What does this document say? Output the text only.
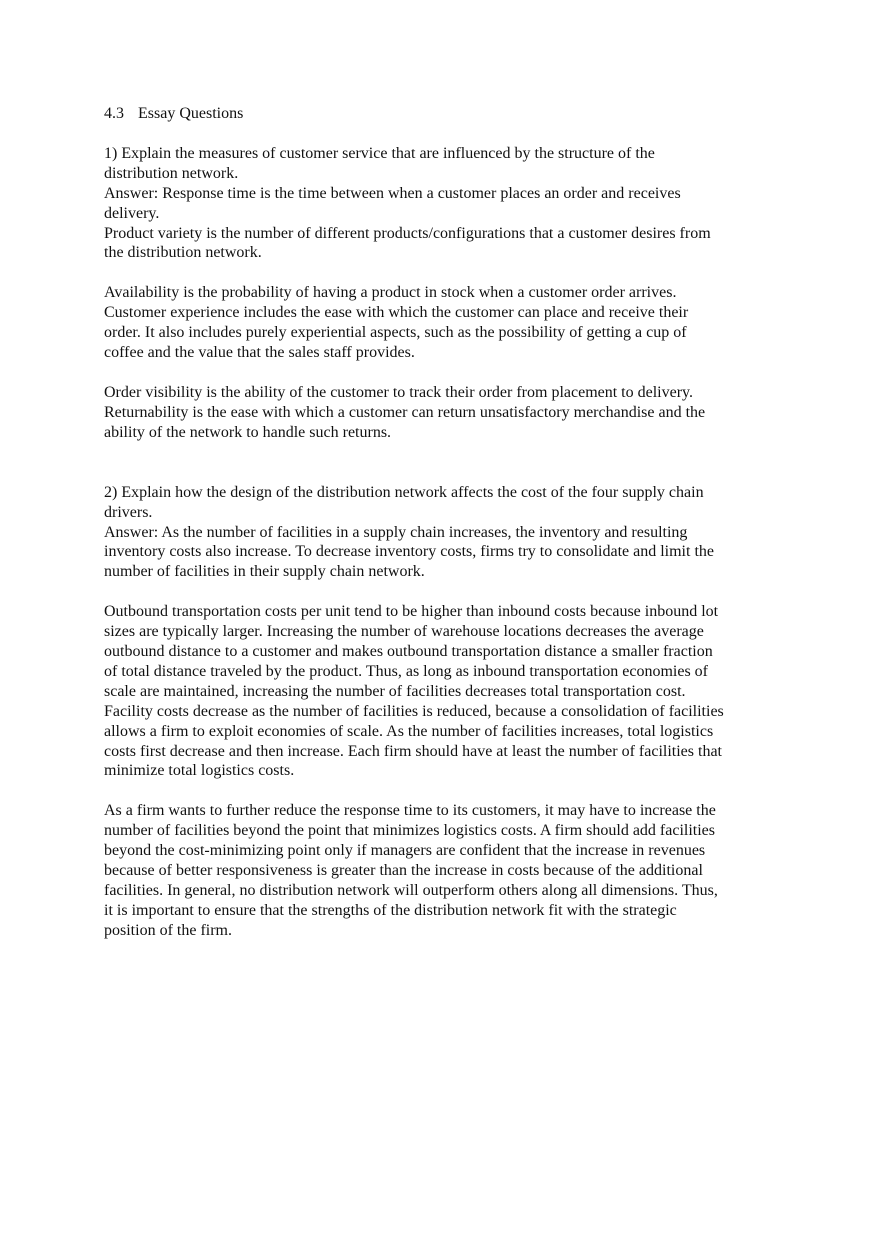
4.3 Essay Questions

1) Explain the measures of customer service that are influenced by the structure of the
distribution network.

Answer: Response time is the time between when a customer places an order and receives
delivery.
Product variety is the number of different products/configurations that a customer desires from
the distribution network.

Availability is the probability of having a product in stock when a customer order arrives.
Customer experience includes the ease with which the customer can place and receive their
order. It also includes purely experiential aspects, such as the possibility of getting a cup of
coffee and the value that the sales staff provides.

Order visibility is the ability of the customer to track their order from placement to delivery.
Returnability is the ease with which a customer can return unsatisfactory merchandise and the
ability of the network to handle such returns.

2) Explain how the design of the distribution network affects the cost of the four supply chain
drivers.

Answer: As the number of facilities in a supply chain increases, the inventory and resulting
inventory costs also increase. To decrease inventory costs, firms try to consolidate and limit the
number of facilities in their supply chain network.

Outbound transportation costs per unit tend to be higher than inbound costs because inbound lot
sizes are typically larger. Increasing the number of warehouse locations decreases the average
outbound distance to a customer and makes outbound transportation distance a smaller fraction
of total distance traveled by the product. Thus, as long as inbound transportation economies of
scale are maintained, increasing the number of facilities decreases total transportation cost.
Facility costs decrease as the number of facilities is reduced, because a consolidation of facilities
allows a firm to exploit economies of scale. As the number of facilities increases, total logistics
costs first decrease and then increase. Each firm should have at least the number of facilities that
minimize total logistics costs.

As a firm wants to further reduce the response time to its customers, it may have to increase the
number of facilities beyond the point that minimizes logistics costs. A firm should add facilities
beyond the cost-minimizing point only if managers are confident that the increase in revenues
because of better responsiveness is greater than the increase in costs because of the additional
facilities. In general, no distribution network will outperform others along all dimensions. Thus,
it is important to ensure that the strengths of the distribution network fit with the strategic
position of the firm.
